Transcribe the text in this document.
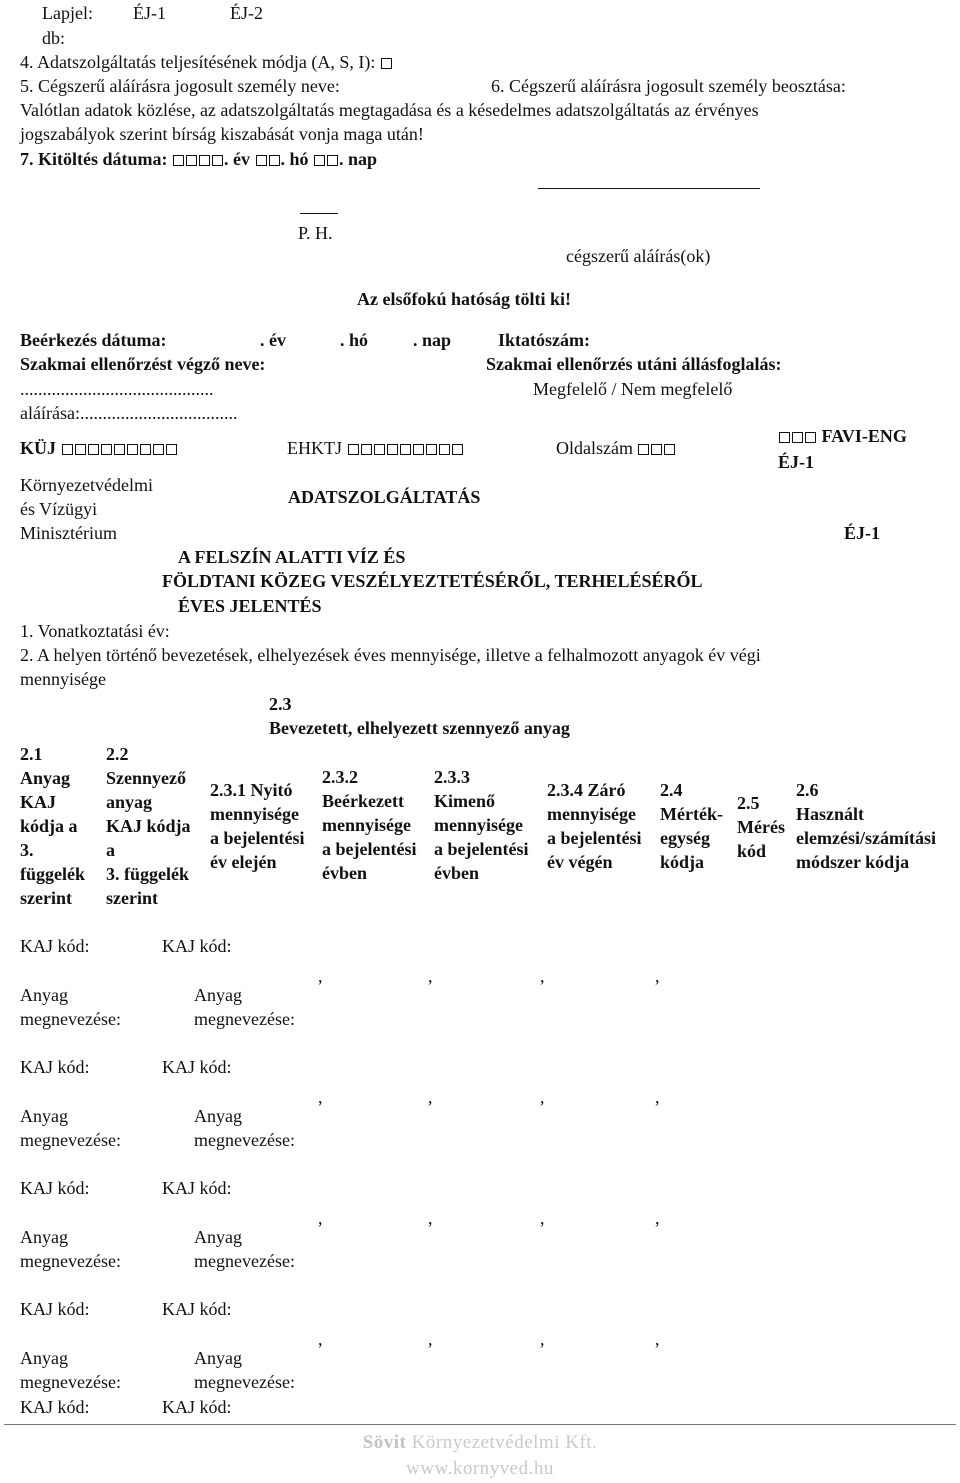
Lapjel: ÉJ-1	ÉJ-2
db:
4. Adatszolgáltatás teljesítésének módja (A, S, I):
5. Cégszerű aláírásra jogosult személy neve:	6. Cégszerű aláírásra jogosult személy beosztása:
Valótlan adatok közlése, az adatszolgáltatás megtagadása és a késedelmes adatszolgáltatás az érvényes
jogszabályok szerint bírság kiszabását vonja maga után!
7. Kitöltés dátuma:	. év . hó . nap
P. H.
cégszerű aláírás(ok)
Az elsőfokú hatóság tölti ki!
Beérkezés dátuma:	. év	. hó . nap	Iktatószám:
Szakmai ellenőrzést végző neve:	Szakmai ellenőrzés utáni állásfoglalás:
...........................................	Megfelelő / Nem megfelelő
aláírása:...................................
KÜJ	EHKTJ	Oldalszám
FAVI-ENG
ÉJ-1
Környezetvédelmi
és Vízügyi
Minisztérium
ADATSZOLGÁLTATÁS
ÉJ-1
A FELSZÍN ALATTI VÍZ ÉS
FÖLDTANI KÖZEG VESZÉLYEZTETÉSÉRŐL, TERHELÉSÉRŐL
ÉVES JELENTÉS
1. Vonatkoztatási év:
2. A helyen történő bevezetések, elhelyezések éves mennyisége, illetve a felhalmozott anyagok év végi
mennyisége
2.3
Bevezetett, elhelyezett szennyező anyag
2.1
Anyag
KAJ
kódja a
3.
függelék
szerint
2.2
Szennyező
anyag
KAJ kódja
a
3. függelék
szerint
2.3.1 Nyitó
mennyisége
a bejelentési
év elején
2.3.2
Beérkezett
mennyisége
a bejelentési
évben
2.3.3
Kimenő
mennyisége
a bejelentési
évben
2.3.4 Záró
mennyisége
a bejelentési
év végén
2.4
Mérték-
egység
kódja
2.5
Mérés
kód
2.6
Használt
elemzési/számítási
módszer kódja
KAJ kód:	KAJ kód:
,	,	,	,
Anyag	Anyag
megnevezése:	megnevezése:
KAJ kód:	KAJ kód:
,	,	,	,
Anyag	Anyag
megnevezése:	megnevezése:
KAJ kód:	KAJ kód:
,	,	,	,
Anyag	Anyag
megnevezése:	megnevezése:
KAJ kód:	KAJ kód:
,	,	,	,
Anyag	Anyag
megnevezése:	megnevezése:
KAJ kód:	KAJ kód:
Sövit Környezetvédelmi Kft.
www.kornyved.hu
